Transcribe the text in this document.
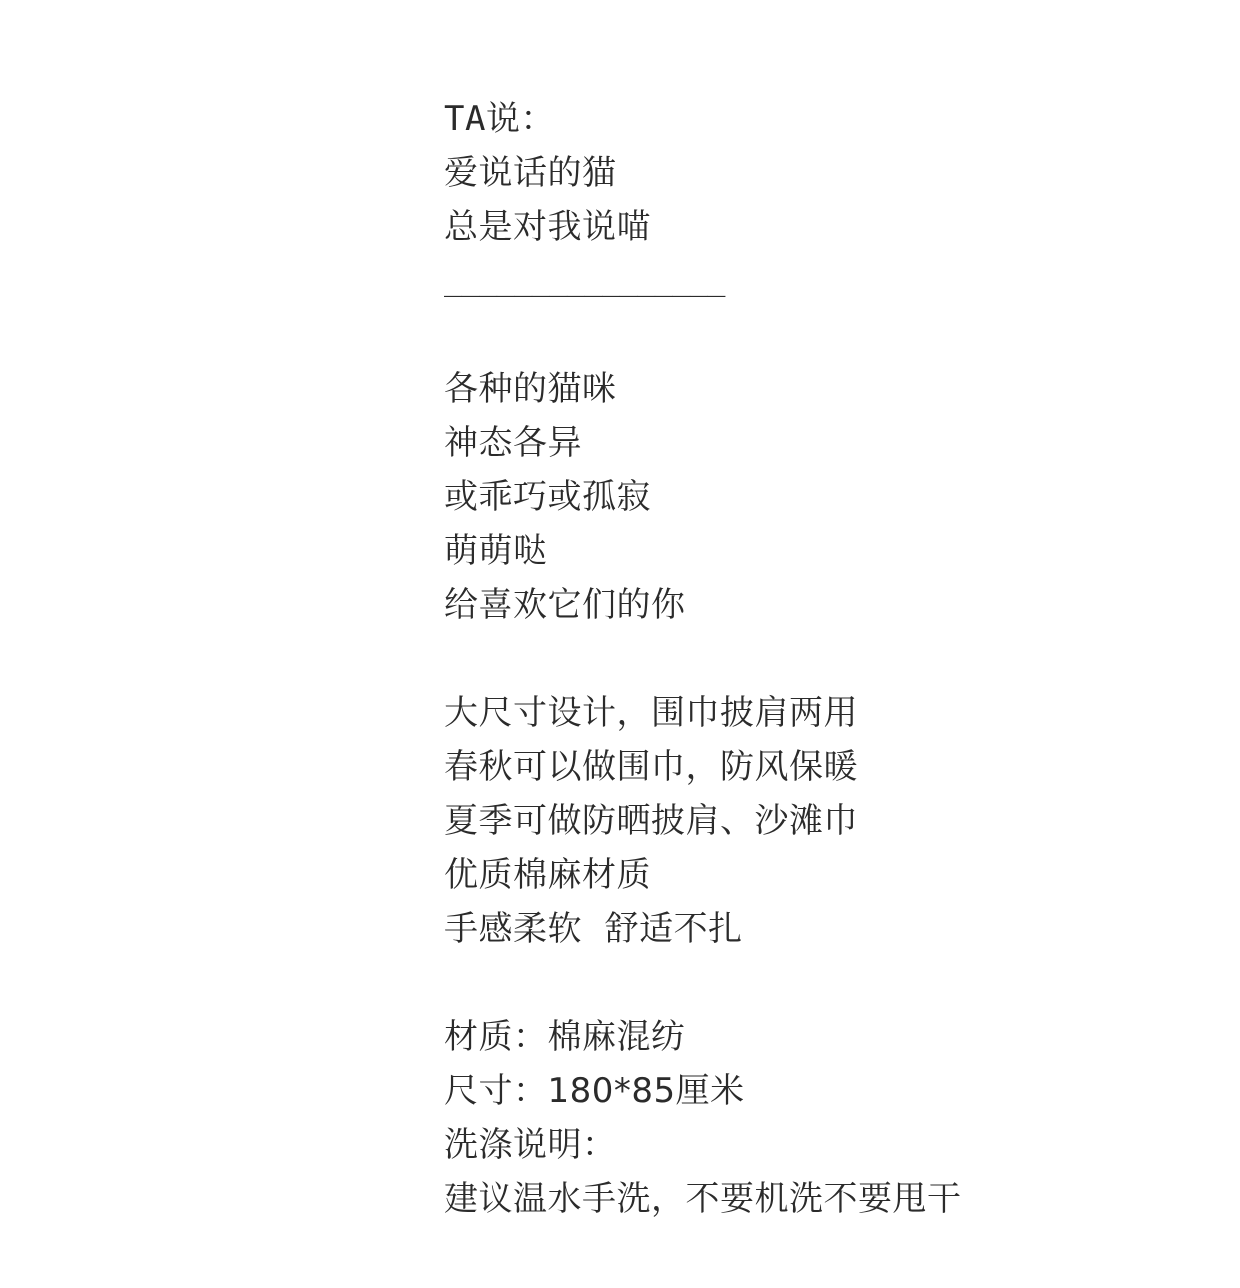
TA说：
爱说话的猫
总是对我说喵
________________
各种的猫咪
神态各异
或乖巧或孤寂
萌萌哒
给喜欢它们的你
大尺寸设计，围巾披肩两用
春秋可以做围巾，防风保暖
夏季可做防晒披肩、沙滩巾
优质棉麻材质
手感柔软  舒适不扎
材质：棉麻混纺
尺寸：180*85厘米
洗涤说明：
建议温水手洗，不要机洗不要甩干
